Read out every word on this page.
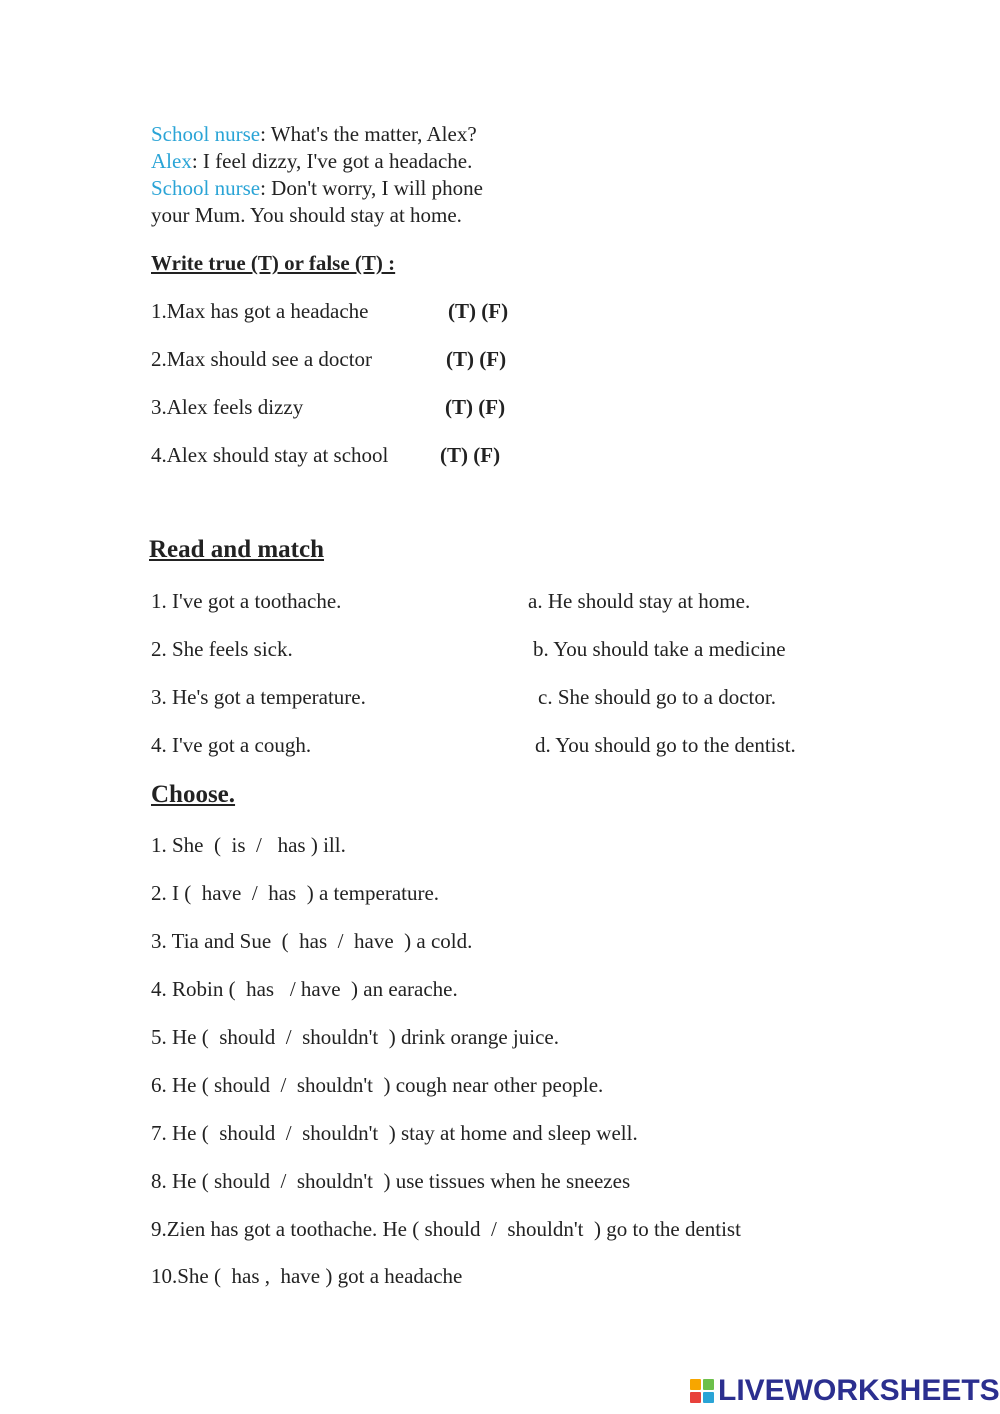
School nurse: What's the matter, Alex?
Alex: I feel dizzy, I've got a headache.
School nurse: Don't worry, I will phone
your Mum. You should stay at home.
Write true (T) or false (T) :
1.Max has got a headache	(T) (F)
2.Max should see a doctor	(T) (F)
3.Alex feels dizzy	(T) (F)
4.Alex should stay at school (T) (F)
Read and match
1. I've got a toothache.	a. He should stay at home.
2. She feels sick.	b. You should take a medicine
3. He's got a temperature.	c. She should go to a doctor.
4. I've got a cough.	d. You should go to the dentist.
Choose.
1. She  (  is  /   has ) ill.
2. I (  have  /  has  ) a temperature.
3. Tia and Sue  (  has  /  have  ) a cold.
4. Robin (  has   / have  ) an earache.
5. He (  should  /  shouldn't  ) drink orange juice.
6. He ( should  /  shouldn't  ) cough near other people.
7. He (  should  /  shouldn't  ) stay at home and sleep well.
8. He ( should  /  shouldn't  ) use tissues when he sneezes
9.Zien has got a toothache. He ( should  /  shouldn't  ) go to the dentist
10.She (  has ,  have ) got a headache
LIVEWORKSHEETS
